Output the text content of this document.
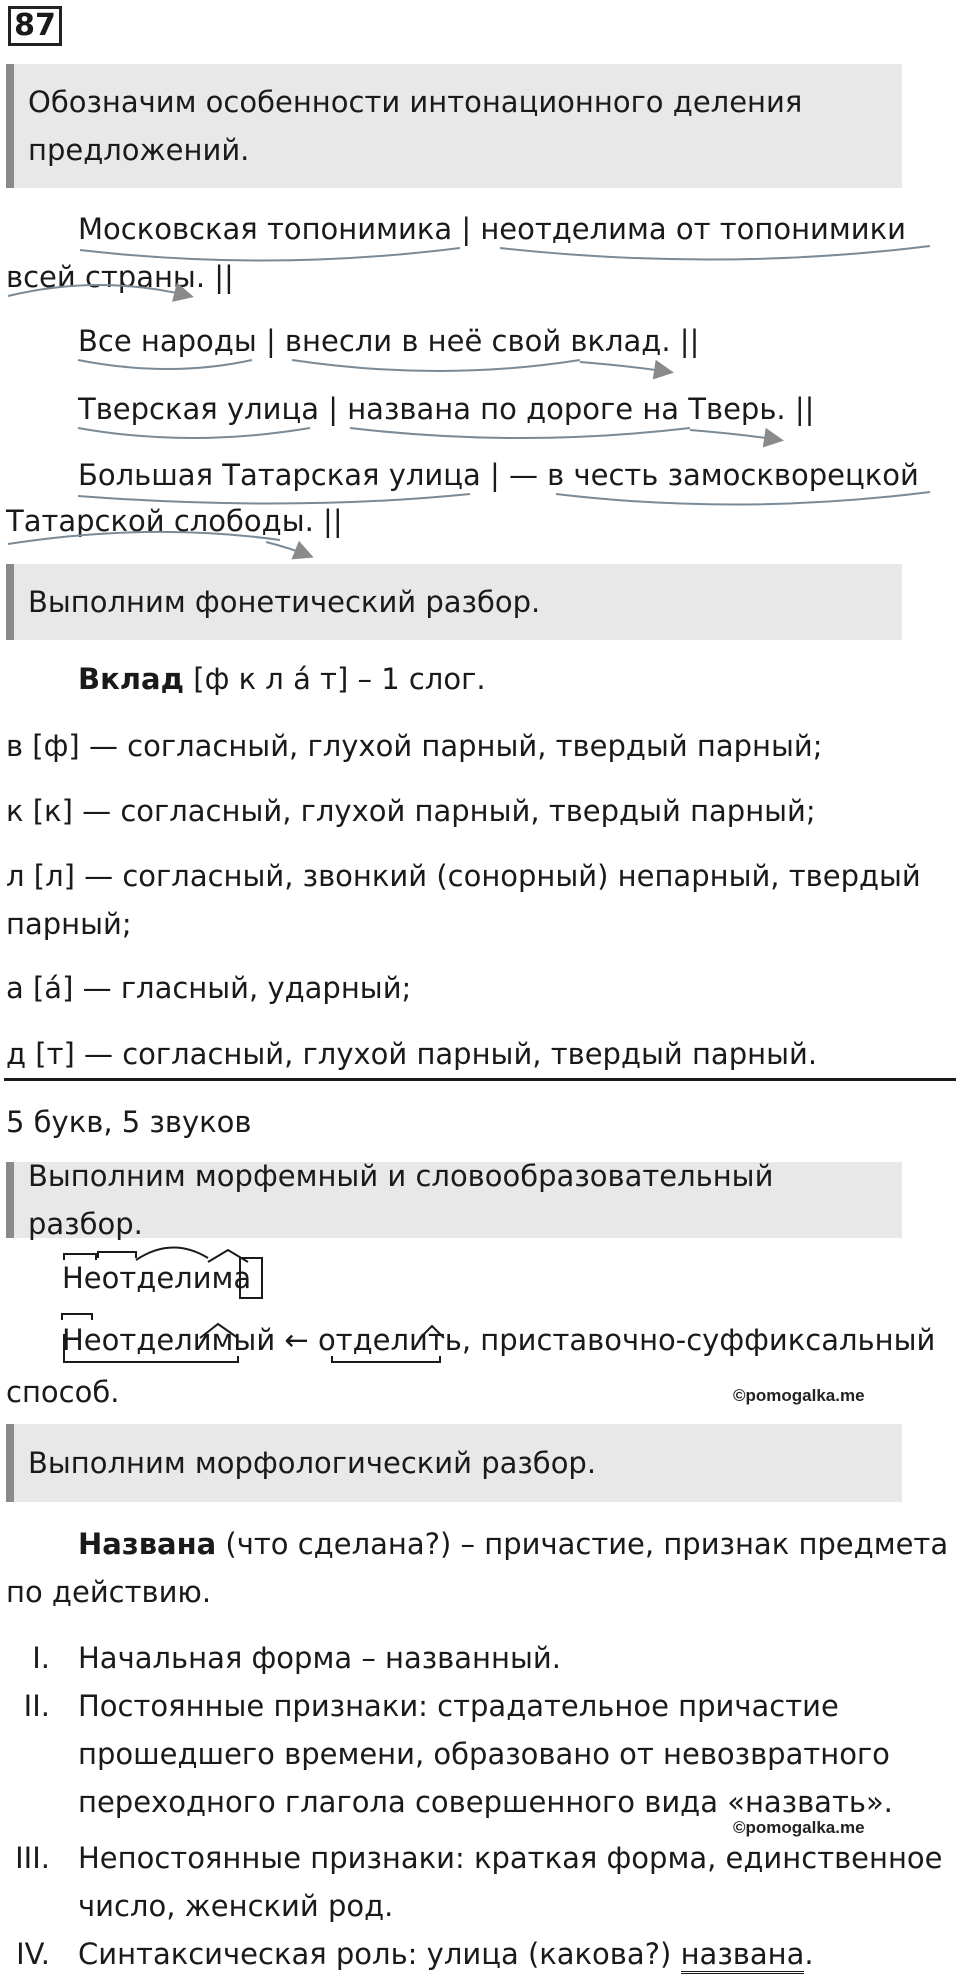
87
Обозначим особенности интонационного деления предложений.
Московская топонимика | неотделима от топонимики
всей страны. ||
Все народы | внесли в неё свой вклад. ||
Тверская улица | названа по дороге на Тверь. ||
Большая Татарская улица | — в честь замоскворецкой
Татарской слободы. ||
Выполним фонетический разбор.
Вклад [ф к л а́ т] – 1 слог.
в [ф] — согласный, глухой парный, твердый парный;
к [к] — согласный, глухой парный, твердый парный;
л [л] — согласный, звонкий (сонорный) непарный, твердый парный;
а [а́] — гласный, ударный;
д [т] — согласный, глухой парный, твердый парный.
5 букв, 5 звуков
Выполним морфемный и словообразовательный разбор.
Неотделима
Неотделимый ← отделить, приставочно-суффиксальный
способ.	©pomogalka.me
Выполним морфологический разбор.
Названа (что сделана?) – причастие, признак предмета
по действию.
I. Начальная форма – названный.
II. Постоянные признаки: страдательное причастие
прошедшего времени, образовано от невозвратного
переходного глагола совершенного вида «назвать».
©pomogalka.me
III. Непостоянные признаки: краткая форма, единственное
число, женский род.
IV. Синтаксическая роль: улица (какова?) названа.
